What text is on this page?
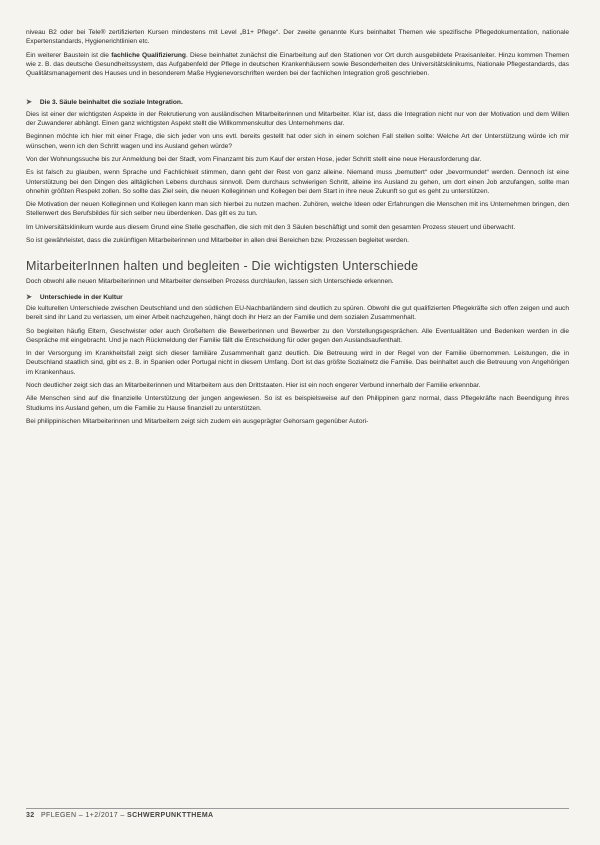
niveau B2 oder bei Tele® zertifizierten Kursen mindestens mit Level „B1+ Pflege“. Der zweite genannte Kurs beinhaltet Themen wie spezifische Pflegedokumentation, nationale Expertenstandards, Hygienerichtlinien etc.

Ein weiterer Baustein ist die fachliche Qualifizierung. Diese beinhaltet zunächst die Einarbeitung auf den Stationen vor Ort durch ausgebildete Praxisanleiter. Hinzu kommen Themen wie z. B. das deutsche Gesundheitssystem, das Aufgabenfeld der Pflege in deutschen Krankenhäusern sowie Besonderheiten des Universitätsklinikums, Nationale Pflegestandards, das Qualitätsmanagement des Hauses und in besonderem Maße Hygienevorschriften werden bei der fachlichen Integration groß geschrieben.

➤ Die 3. Säule beinhaltet die soziale Integration.

Dies ist einer der wichtigsten Aspekte in der Rekrutierung von ausländischen Mitarbeiterinnen und Mitarbeiter. Klar ist, dass die Integration nicht nur von der Motivation und dem Willen der Zuwanderer abhängt. Einen ganz wichtigsten Aspekt stellt die Willkommenskultur des Unternehmens dar.

Beginnen möchte ich hier mit einer Frage, die sich jeder von uns evtl. bereits gestellt hat oder sich in einem solchen Fall stellen sollte: Welche Art der Unterstützung würde ich mir wünschen, wenn ich den Schritt wagen und ins Ausland gehen würde?

Von der Wohnungssuche bis zur Anmeldung bei der Stadt, vom Finanzamt bis zum Kauf der ersten Hose, jeder Schritt stellt eine neue Herausforderung dar.

Es ist falsch zu glauben, wenn Sprache und Fachlichkeit stimmen, dann geht der Rest von ganz alleine. Niemand muss „bemuttert“ oder „bevormundet“ werden. Dennoch ist eine Unterstützung bei den Dingen des alltäglichen Lebens durchaus sinnvoll. Dem durchaus schwierigen Schritt, alleine ins Ausland zu gehen, um dort einen Job anzufangen, sollte man ohnehin größten Respekt zollen. So sollte das Ziel sein, die neuen Kolleginnen und Kollegen bei dem Start in ihre neue Zukunft so gut es geht zu unterstützen.

Die Motivation der neuen Kolleginnen und Kollegen kann man sich hierbei zu nutzen machen. Zuhören, welche Ideen oder Erfahrungen die Menschen mit ins Unternehmen bringen, den Stellenwert des Berufsbildes für sich selber neu überdenken. Das gilt es zu tun.

Im Universitätsklinikum wurde aus diesem Grund eine Stelle geschaffen, die sich mit den 3 Säulen beschäftigt und somit den gesamten Prozess steuert und überwacht.

So ist gewährleistet, dass die zukünftigen Mitarbeiterinnen und Mitarbeiter in allen drei Bereichen bzw. Prozessen begleitet werden.

MitarbeiterInnen halten und begleiten - Die wichtigsten Unterschiede

Doch obwohl alle neuen Mitarbeiterinnen und Mitarbeiter denselben Prozess durchlaufen, lassen sich Unterschiede erkennen.

➤ Unterschiede in der Kultur

Die kulturellen Unterschiede zwischen Deutschland und den südlichen EU-Nachbarländern sind deutlich zu spüren. Obwohl die gut qualifizierten Pflegekräfte sich offen zeigen und auch bereit sind ihr Land zu verlassen, um einer Arbeit nachzugehen, hängt doch ihr Herz an der Familie und dem sozialen Zusammenhalt.

So begleiten häufig Eltern, Geschwister oder auch Großeltern die Bewerberinnen und Bewerber zu den Vorstellungsgesprächen. Alle Eventualitäten und Bedenken werden in die Gespräche mit eingebracht. Und je nach Rückmeldung der Familie fällt die Entscheidung für oder gegen den Auslandsaufenthalt.

In der Versorgung im Krankheitsfall zeigt sich dieser familiäre Zusammenhalt ganz deutlich. Die Betreuung wird in der Regel von der Familie übernommen. Leistungen, die in Deutschland staatlich sind, gibt es z. B. in Spanien oder Portugal nicht in diesem Umfang. Dort ist das größte Sozialnetz die Familie. Das beinhaltet auch die Betreuung von Angehörigen im Krankenhaus.

Noch deutlicher zeigt sich das an Mitarbeiterinnen und Mitarbeitern aus den Drittstaaten. Hier ist ein noch engerer Verbund innerhalb der Familie erkennbar.

Alle Menschen sind auf die finanzielle Unterstützung der jungen angewiesen. So ist es beispielsweise auf den Philippinen ganz normal, dass Pflegekräfte nach Beendigung ihres Studiums ins Ausland gehen, um die Familie zu Hause finanziell zu unterstützen.

Bei philippinischen Mitarbeiterinnen und Mitarbeitern zeigt sich zudem ein ausgeprägter Gehorsam gegenüber Autori-

32 PFLEGEN – 1+2/2017 – SCHWERPUNKTTHEMA
